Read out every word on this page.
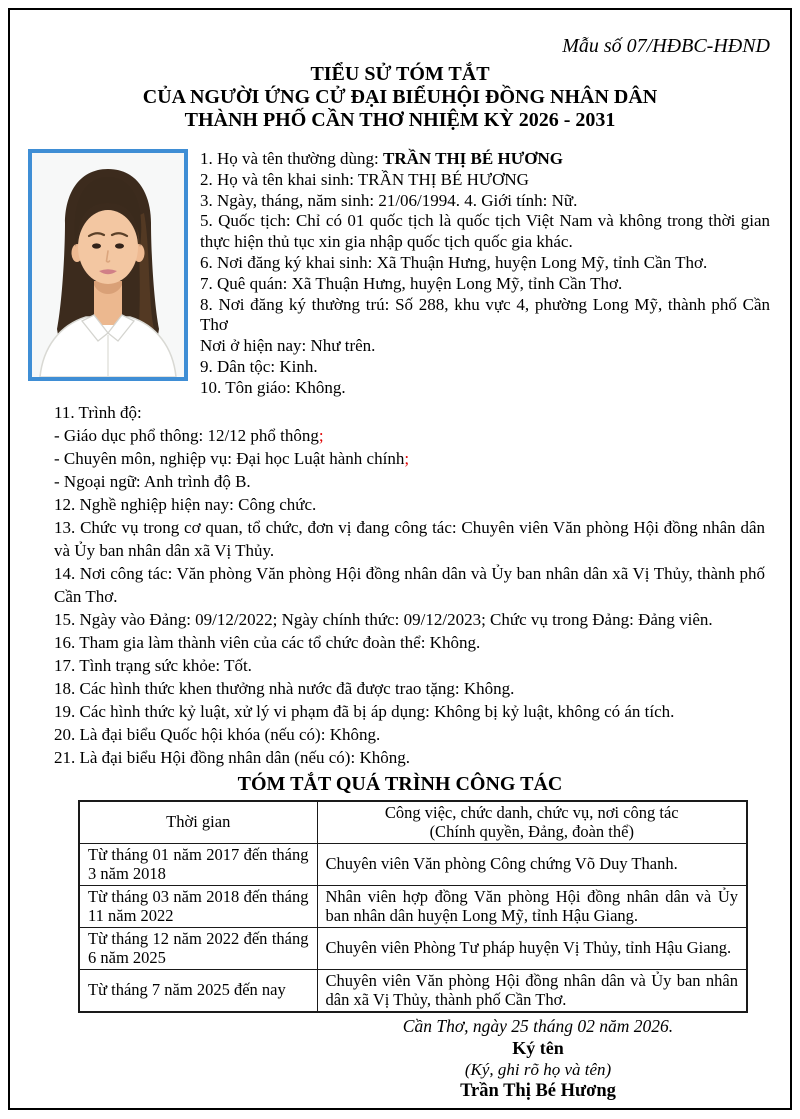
Mẫu số 07/HĐBC-HĐND
TIỂU SỬ TÓM TẮT
CỦA NGƯỜI ỨNG CỬ ĐẠI BIỂUHỘI ĐỒNG NHÂN DÂN
THÀNH PHỐ CẦN THƠ NHIỆM KỲ 2026 - 2031
1. Họ và tên thường dùng: TRẦN THỊ BÉ HƯƠNG
2. Họ và tên khai sinh: TRẦN THỊ BÉ HƯƠNG
3. Ngày, tháng, năm sinh: 21/06/1994. 4. Giới tính: Nữ.
5. Quốc tịch: Chỉ có 01 quốc tịch là quốc tịch Việt Nam và không trong thời gian thực hiện thủ tục xin gia nhập quốc tịch quốc gia khác.
6. Nơi đăng ký khai sinh: Xã Thuận Hưng, huyện Long Mỹ, tỉnh Cần Thơ.
7. Quê quán: Xã Thuận Hưng, huyện Long Mỹ, tỉnh Cần Thơ.
8. Nơi đăng ký thường trú: Số 288, khu vực 4, phường Long Mỹ, thành phố Cần Thơ
Nơi ở hiện nay: Như trên.
9. Dân tộc: Kinh.
10. Tôn giáo: Không.
11. Trình độ:
- Giáo dục phổ thông: 12/12 phổ thông;
- Chuyên môn, nghiệp vụ: Đại học Luật hành chính;
- Ngoại ngữ: Anh trình độ B.
12. Nghề nghiệp hiện nay: Công chức.
13. Chức vụ trong cơ quan, tổ chức, đơn vị đang công tác: Chuyên viên Văn phòng Hội đồng nhân dân và Ủy ban nhân dân xã Vị Thủy.
14. Nơi công tác: Văn phòng Văn phòng Hội đồng nhân dân và Ủy ban nhân dân xã Vị Thủy, thành phố Cần Thơ.
15. Ngày vào Đảng: 09/12/2022; Ngày chính thức: 09/12/2023; Chức vụ trong Đảng: Đảng viên.
16. Tham gia làm thành viên của các tổ chức đoàn thể: Không.
17. Tình trạng sức khỏe: Tốt.
18. Các hình thức khen thưởng nhà nước đã được trao tặng: Không.
19. Các hình thức kỷ luật, xử lý vi phạm đã bị áp dụng: Không bị kỷ luật, không có án tích.
20. Là đại biểu Quốc hội khóa (nếu có): Không.
21. Là đại biểu Hội đồng nhân dân (nếu có): Không.
TÓM TẮT QUÁ TRÌNH CÔNG TÁC
Thời gian	Công việc, chức danh, chức vụ, nơi công tác
(Chính quyền, Đảng, đoàn thể)

Từ tháng 01 năm 2017 đến tháng 3 năm 2018	Chuyên viên Văn phòng Công chứng Võ Duy Thanh.
Từ tháng 03 năm 2018 đến tháng 11 năm 2022	Nhân viên hợp đồng Văn phòng Hội đồng nhân dân và Ủy ban nhân dân huyện Long Mỹ, tỉnh Hậu Giang.
Từ tháng 12 năm 2022 đến tháng 6 năm 2025	Chuyên viên Phòng Tư pháp huyện Vị Thủy, tỉnh Hậu Giang.
Từ tháng 7 năm 2025 đến nay	Chuyên viên Văn phòng Hội đồng nhân dân và Ủy ban nhân dân xã Vị Thủy, thành phố Cần Thơ.
Cần Thơ, ngày 25 tháng 02 năm 2026.
Ký tên
(Ký, ghi rõ họ và tên)
Trần Thị Bé Hương
